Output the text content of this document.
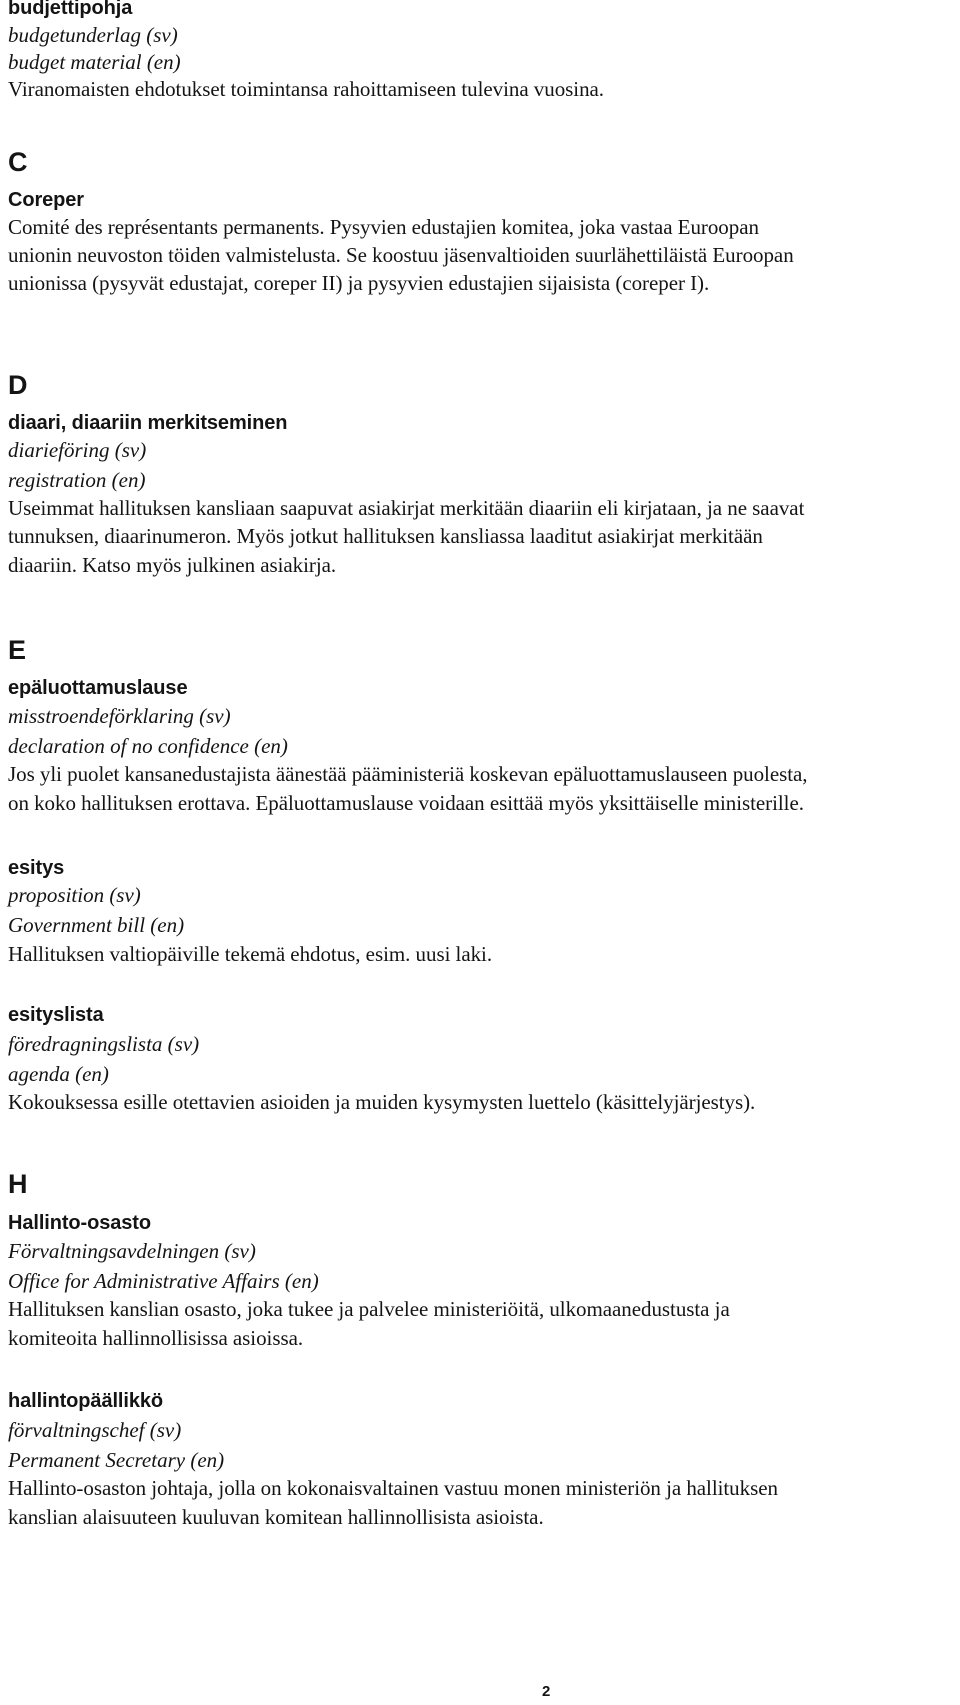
budjettipohja
budgetunderlag (sv)
budget material (en)
Viranomaisten ehdotukset toimintansa rahoittamiseen tulevina vuosina.
C
Coreper
Comité des représentants permanents. Pysyvien edustajien komitea, joka vastaa Euroopan
unionin neuvoston töiden valmistelusta. Se koostuu jäsenvaltioiden suurlähettiläistä Euroopan
unionissa (pysyvät edustajat, coreper II) ja pysyvien edustajien sijaisista (coreper I).
D
diaari, diaariin merkitseminen
diarieföring (sv)
registration (en)
Useimmat hallituksen kansliaan saapuvat asiakirjat merkitään diaariin eli kirjataan, ja ne saavat
tunnuksen, diaarinumeron. Myös jotkut hallituksen kansliassa laaditut asiakirjat merkitään
diaariin. Katso myös julkinen asiakirja.
E
epäluottamuslause
misstroendeförklaring (sv)
declaration of no confidence (en)
Jos yli puolet kansanedustajista äänestää pääministeriä koskevan epäluottamuslauseen puolesta,
on koko hallituksen erottava. Epäluottamuslause voidaan esittää myös yksittäiselle ministerille.
esitys
proposition (sv)
Government bill (en)
Hallituksen valtiopäiville tekemä ehdotus, esim. uusi laki.
esityslista
föredragningslista (sv)
agenda (en)
Kokouksessa esille otettavien asioiden ja muiden kysymysten luettelo (käsittelyjärjestys).
H
Hallinto-osasto
Förvaltningsavdelningen (sv)
Office for Administrative Affairs (en)
Hallituksen kanslian osasto, joka tukee ja palvelee ministeriöitä, ulkomaanedustusta ja
komiteoita hallinnollisissa asioissa.
hallintopäällikkö
förvaltningschef (sv)
Permanent Secretary (en)
Hallinto-osaston johtaja, jolla on kokonaisvaltainen vastuu monen ministeriön ja hallituksen
kanslian alaisuuteen kuuluvan komitean hallinnollisista asioista.
2
